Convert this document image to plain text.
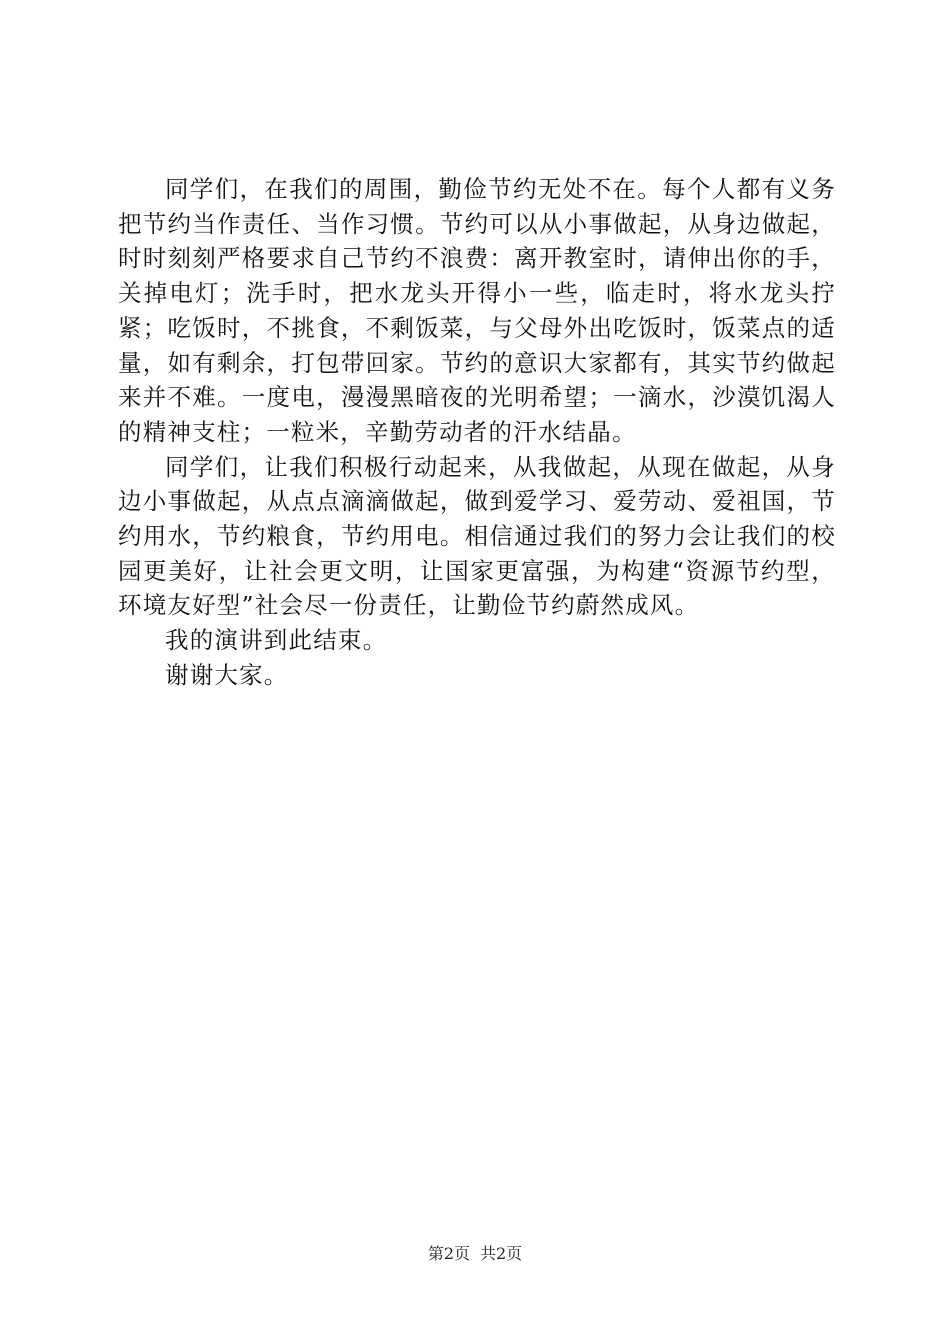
同学们，在我们的周围，勤俭节约无处不在。每个人都有义务把节约当作责任、当作习惯。节约可以从小事做起，从身边做起，时时刻刻严格要求自己节约不浪费：离开教室时，请伸出你的手，关掉电灯；洗手时，把水龙头开得小一些，临走时，将水龙头拧紧；吃饭时，不挑食，不剩饭菜，与父母外出吃饭时，饭菜点的适量，如有剩余，打包带回家。节约的意识大家都有，其实节约做起来并不难。一度电，漫漫黑暗夜的光明希望；一滴水，沙漠饥渴人的精神支柱；一粒米，辛勤劳动者的汗水结晶。

同学们，让我们积极行动起来，从我做起，从现在做起，从身边小事做起，从点点滴滴做起，做到爱学习、爱劳动、爱祖国，节约用水，节约粮食，节约用电。相信通过我们的努力会让我们的校园更美好，让社会更文明，让国家更富强，为构建“资源节约型，环境友好型”社会尽一份责任，让勤俭节约蔚然成风。

我的演讲到此结束。

谢谢大家。

第2页 共2页
